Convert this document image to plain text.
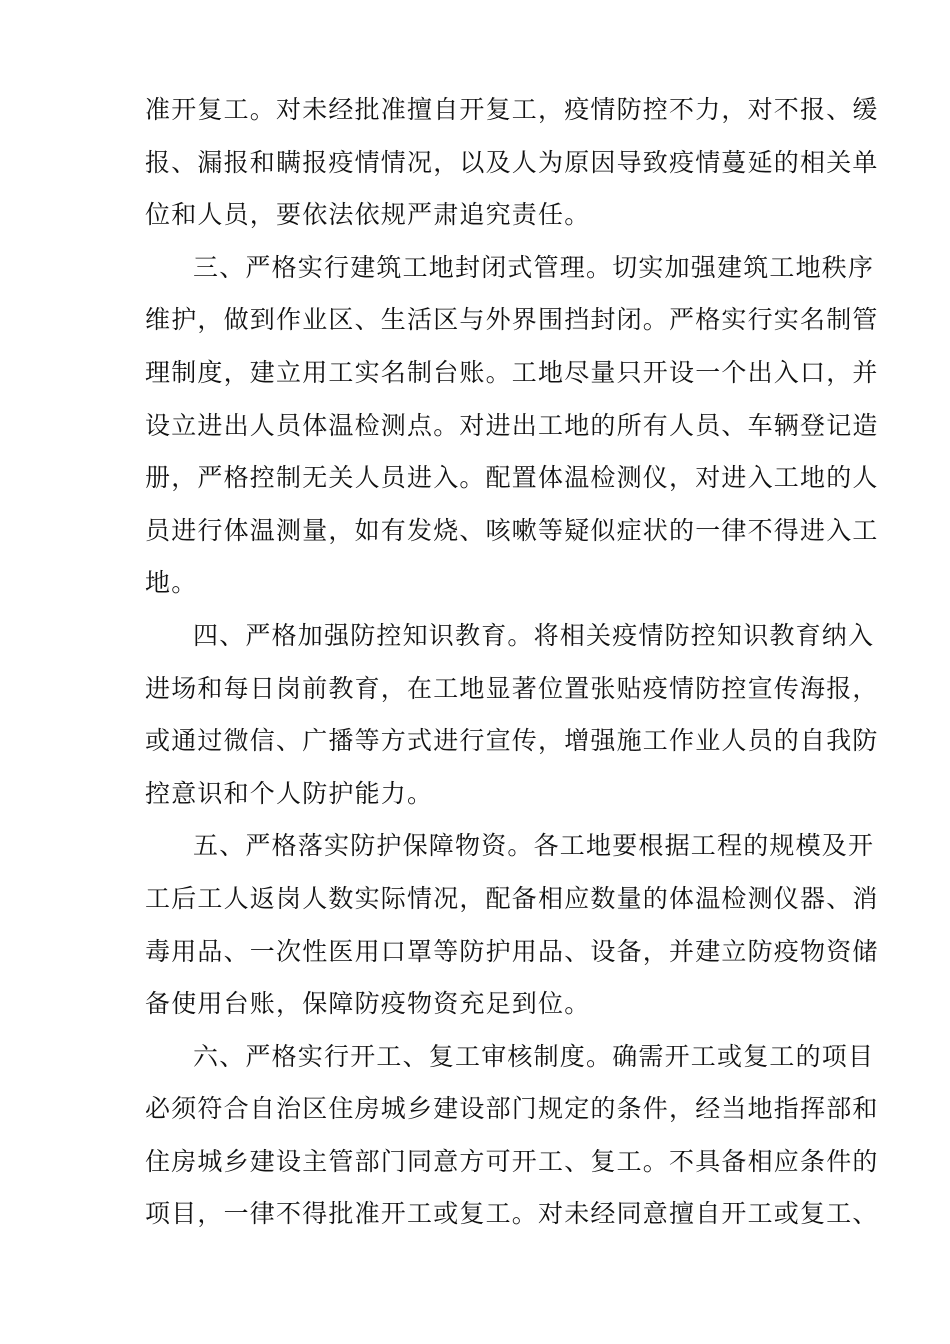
准开复工。对未经批准擅自开复工，疫情防控不力，对不报、缓
报、漏报和瞒报疫情情况，以及人为原因导致疫情蔓延的相关单
位和人员，要依法依规严肃追究责任。
三、严格实行建筑工地封闭式管理。切实加强建筑工地秩序
维护，做到作业区、生活区与外界围挡封闭。严格实行实名制管
理制度，建立用工实名制台账。工地尽量只开设一个出入口，并
设立进出人员体温检测点。对进出工地的所有人员、车辆登记造
册，严格控制无关人员进入。配置体温检测仪，对进入工地的人
员进行体温测量，如有发烧、咳嗽等疑似症状的一律不得进入工
地。
四、严格加强防控知识教育。将相关疫情防控知识教育纳入
进场和每日岗前教育，在工地显著位置张贴疫情防控宣传海报，
或通过微信、广播等方式进行宣传，增强施工作业人员的自我防
控意识和个人防护能力。
五、严格落实防护保障物资。各工地要根据工程的规模及开
工后工人返岗人数实际情况，配备相应数量的体温检测仪器、消
毒用品、一次性医用口罩等防护用品、设备，并建立防疫物资储
备使用台账，保障防疫物资充足到位。
六、严格实行开工、复工审核制度。确需开工或复工的项目
必须符合自治区住房城乡建设部门规定的条件，经当地指挥部和
住房城乡建设主管部门同意方可开工、复工。不具备相应条件的
项目，一律不得批准开工或复工。对未经同意擅自开工或复工、
